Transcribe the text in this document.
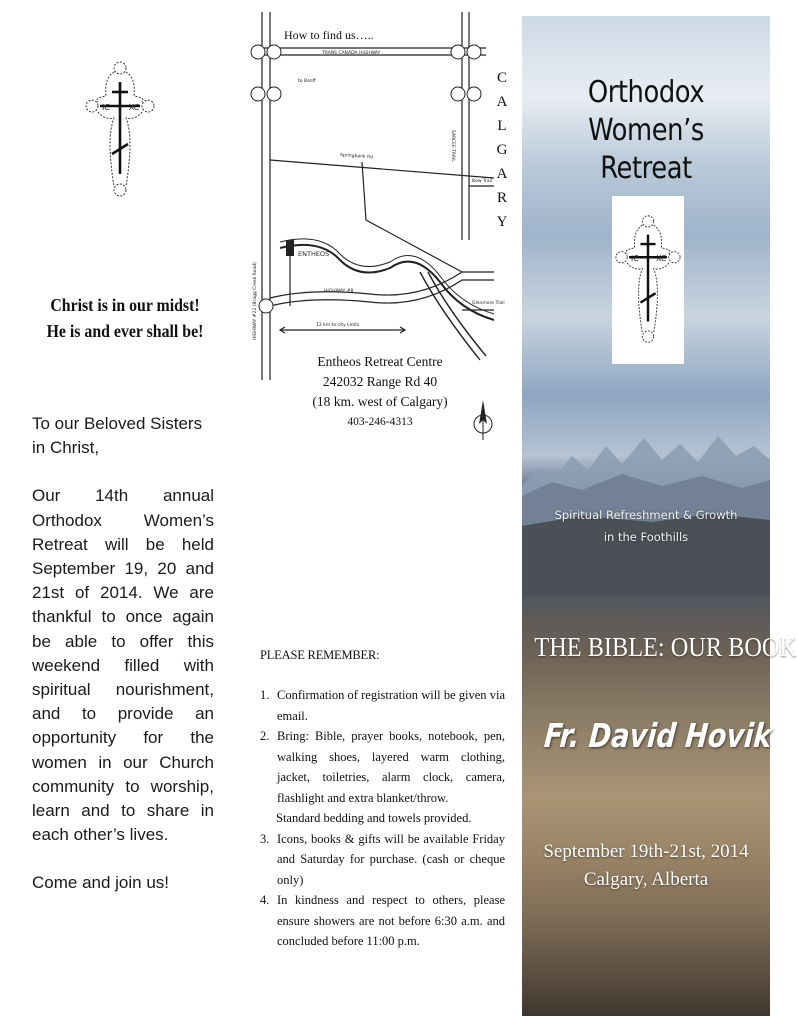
IC XC
Christ is in our midst!
He is and ever shall be!

To our Beloved Sisters in Christ,

Our 14th annual Orthodox Women’s Retreat will be held September 19, 20 and 21st of 2014. We are thankful to once again be able to offer this weekend filled with spiritual nourishment, and to provide an opportunity for the women in our Church community to worship, learn and to share in each other’s lives.

Come and join us!

TRANS CANADA HIGHWAY
to Banff
Springbank Rd.	SARCEE TRAIL
Bow Trail
ENTHEOS
HIGHWAY #8
HIGHWAY #22 (Bragg Creek Road)	Glenmore Trail
12 km to city limits
How to find us…..
C
A
L
G
A
R
Y
Entheos Retreat Centre
242032 Range Rd 40
(18 km. west of Calgary)
403-246-4313
PLEASE REMEMBER:
1. Confirmation of registration will be given via email.
2. Bring: Bible, prayer books, notebook, pen, walking shoes, layered warm clothing, jacket, toiletries, alarm clock, camera, flashlight and extra blanket/throw.
Standard bedding and towels provided.
3. Icons, books & gifts will be available Friday and Saturday for purchase. (cash or cheque only)
4. In kindness and respect to others, please ensure showers are not before 6:30 a.m. and concluded before 11:00 p.m.
Orthodox Women’s
Retreat
IC XC
Spiritual Refreshment & Growth
in the Foothills
THE BIBLE: OUR BOOK
Fr. David Hovik
September 19th-21st, 2014
Calgary, Alberta
